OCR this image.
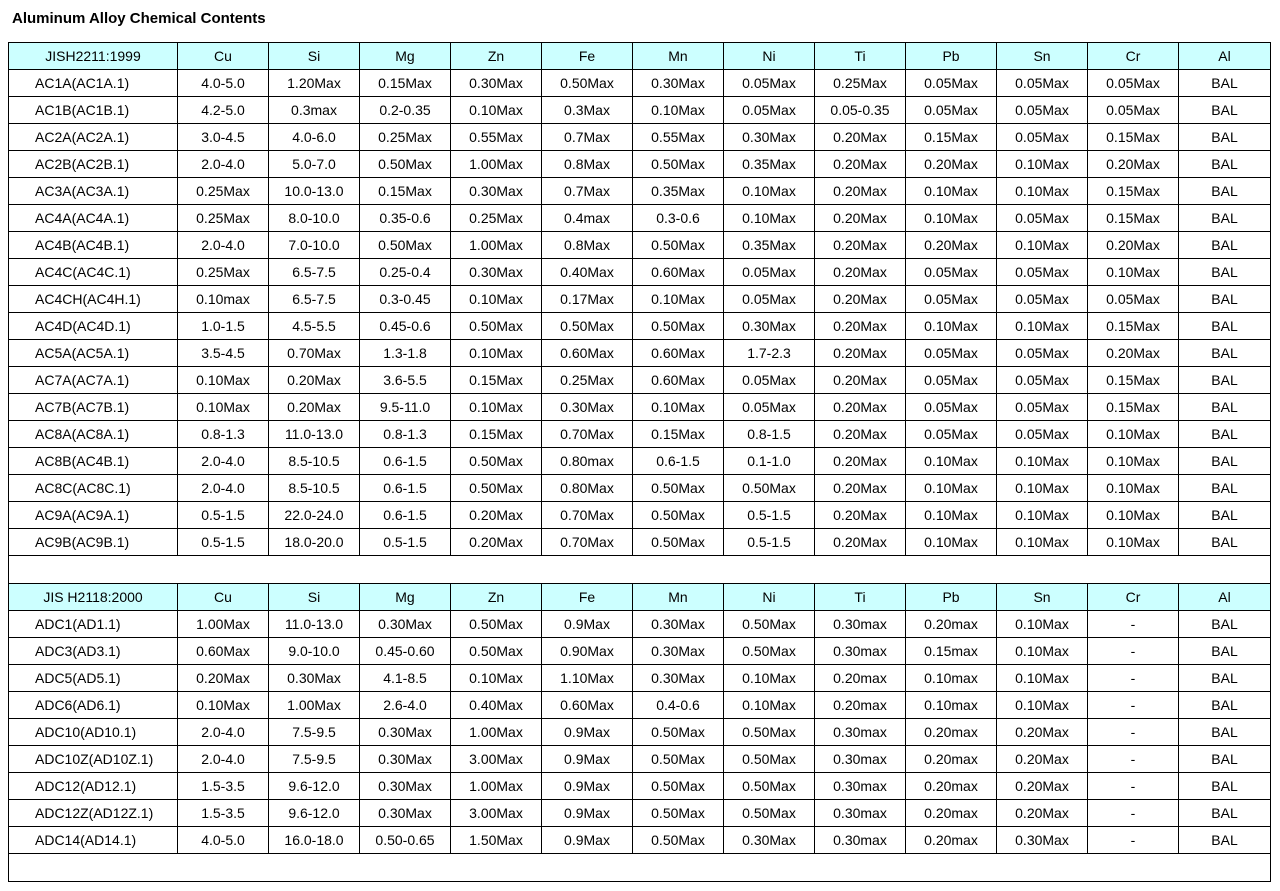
Aluminum Alloy Chemical Contents
JISH2211:1999	Cu	Si	Mg	Zn	Fe	Mn	Ni	Ti	Pb	Sn	Cr	Al
AC1A(AC1A.1)	4.0-5.0	1.20Max	0.15Max	0.30Max	0.50Max	0.30Max	0.05Max	0.25Max	0.05Max	0.05Max	0.05Max	BAL
AC1B(AC1B.1)	4.2-5.0	0.3max	0.2-0.35	0.10Max	0.3Max	0.10Max	0.05Max	0.05-0.35	0.05Max	0.05Max	0.05Max	BAL
AC2A(AC2A.1)	3.0-4.5	4.0-6.0	0.25Max	0.55Max	0.7Max	0.55Max	0.30Max	0.20Max	0.15Max	0.05Max	0.15Max	BAL
AC2B(AC2B.1)	2.0-4.0	5.0-7.0	0.50Max	1.00Max	0.8Max	0.50Max	0.35Max	0.20Max	0.20Max	0.10Max	0.20Max	BAL
AC3A(AC3A.1)	0.25Max	10.0-13.0	0.15Max	0.30Max	0.7Max	0.35Max	0.10Max	0.20Max	0.10Max	0.10Max	0.15Max	BAL
AC4A(AC4A.1)	0.25Max	8.0-10.0	0.35-0.6	0.25Max	0.4max	0.3-0.6	0.10Max	0.20Max	0.10Max	0.05Max	0.15Max	BAL
AC4B(AC4B.1)	2.0-4.0	7.0-10.0	0.50Max	1.00Max	0.8Max	0.50Max	0.35Max	0.20Max	0.20Max	0.10Max	0.20Max	BAL
AC4C(AC4C.1)	0.25Max	6.5-7.5	0.25-0.4	0.30Max	0.40Max	0.60Max	0.05Max	0.20Max	0.05Max	0.05Max	0.10Max	BAL
AC4CH(AC4H.1)	0.10max	6.5-7.5	0.3-0.45	0.10Max	0.17Max	0.10Max	0.05Max	0.20Max	0.05Max	0.05Max	0.05Max	BAL
AC4D(AC4D.1)	1.0-1.5	4.5-5.5	0.45-0.6	0.50Max	0.50Max	0.50Max	0.30Max	0.20Max	0.10Max	0.10Max	0.15Max	BAL
AC5A(AC5A.1)	3.5-4.5	0.70Max	1.3-1.8	0.10Max	0.60Max	0.60Max	1.7-2.3	0.20Max	0.05Max	0.05Max	0.20Max	BAL
AC7A(AC7A.1)	0.10Max	0.20Max	3.6-5.5	0.15Max	0.25Max	0.60Max	0.05Max	0.20Max	0.05Max	0.05Max	0.15Max	BAL
AC7B(AC7B.1)	0.10Max	0.20Max	9.5-11.0	0.10Max	0.30Max	0.10Max	0.05Max	0.20Max	0.05Max	0.05Max	0.15Max	BAL
AC8A(AC8A.1)	0.8-1.3	11.0-13.0	0.8-1.3	0.15Max	0.70Max	0.15Max	0.8-1.5	0.20Max	0.05Max	0.05Max	0.10Max	BAL
AC8B(AC4B.1)	2.0-4.0	8.5-10.5	0.6-1.5	0.50Max	0.80max	0.6-1.5	0.1-1.0	0.20Max	0.10Max	0.10Max	0.10Max	BAL
AC8C(AC8C.1)	2.0-4.0	8.5-10.5	0.6-1.5	0.50Max	0.80Max	0.50Max	0.50Max	0.20Max	0.10Max	0.10Max	0.10Max	BAL
AC9A(AC9A.1)	0.5-1.5	22.0-24.0	0.6-1.5	0.20Max	0.70Max	0.50Max	0.5-1.5	0.20Max	0.10Max	0.10Max	0.10Max	BAL
AC9B(AC9B.1)	0.5-1.5	18.0-20.0	0.5-1.5	0.20Max	0.70Max	0.50Max	0.5-1.5	0.20Max	0.10Max	0.10Max	0.10Max	BAL

JIS H2118:2000	Cu	Si	Mg	Zn	Fe	Mn	Ni	Ti	Pb	Sn	Cr	Al
ADC1(AD1.1)	1.00Max	11.0-13.0	0.30Max	0.50Max	0.9Max	0.30Max	0.50Max	0.30max	0.20max	0.10Max	-	BAL
ADC3(AD3.1)	0.60Max	9.0-10.0	0.45-0.60	0.50Max	0.90Max	0.30Max	0.50Max	0.30max	0.15max	0.10Max	-	BAL
ADC5(AD5.1)	0.20Max	0.30Max	4.1-8.5	0.10Max	1.10Max	0.30Max	0.10Max	0.20max	0.10max	0.10Max	-	BAL
ADC6(AD6.1)	0.10Max	1.00Max	2.6-4.0	0.40Max	0.60Max	0.4-0.6	0.10Max	0.20max	0.10max	0.10Max	-	BAL
ADC10(AD10.1)	2.0-4.0	7.5-9.5	0.30Max	1.00Max	0.9Max	0.50Max	0.50Max	0.30max	0.20max	0.20Max	-	BAL
ADC10Z(AD10Z.1)	2.0-4.0	7.5-9.5	0.30Max	3.00Max	0.9Max	0.50Max	0.50Max	0.30max	0.20max	0.20Max	-	BAL
ADC12(AD12.1)	1.5-3.5	9.6-12.0	0.30Max	1.00Max	0.9Max	0.50Max	0.50Max	0.30max	0.20max	0.20Max	-	BAL
ADC12Z(AD12Z.1)	1.5-3.5	9.6-12.0	0.30Max	3.00Max	0.9Max	0.50Max	0.50Max	0.30max	0.20max	0.20Max	-	BAL
ADC14(AD14.1)	4.0-5.0	16.0-18.0	0.50-0.65	1.50Max	0.9Max	0.50Max	0.30Max	0.30max	0.20max	0.30Max	-	BAL
